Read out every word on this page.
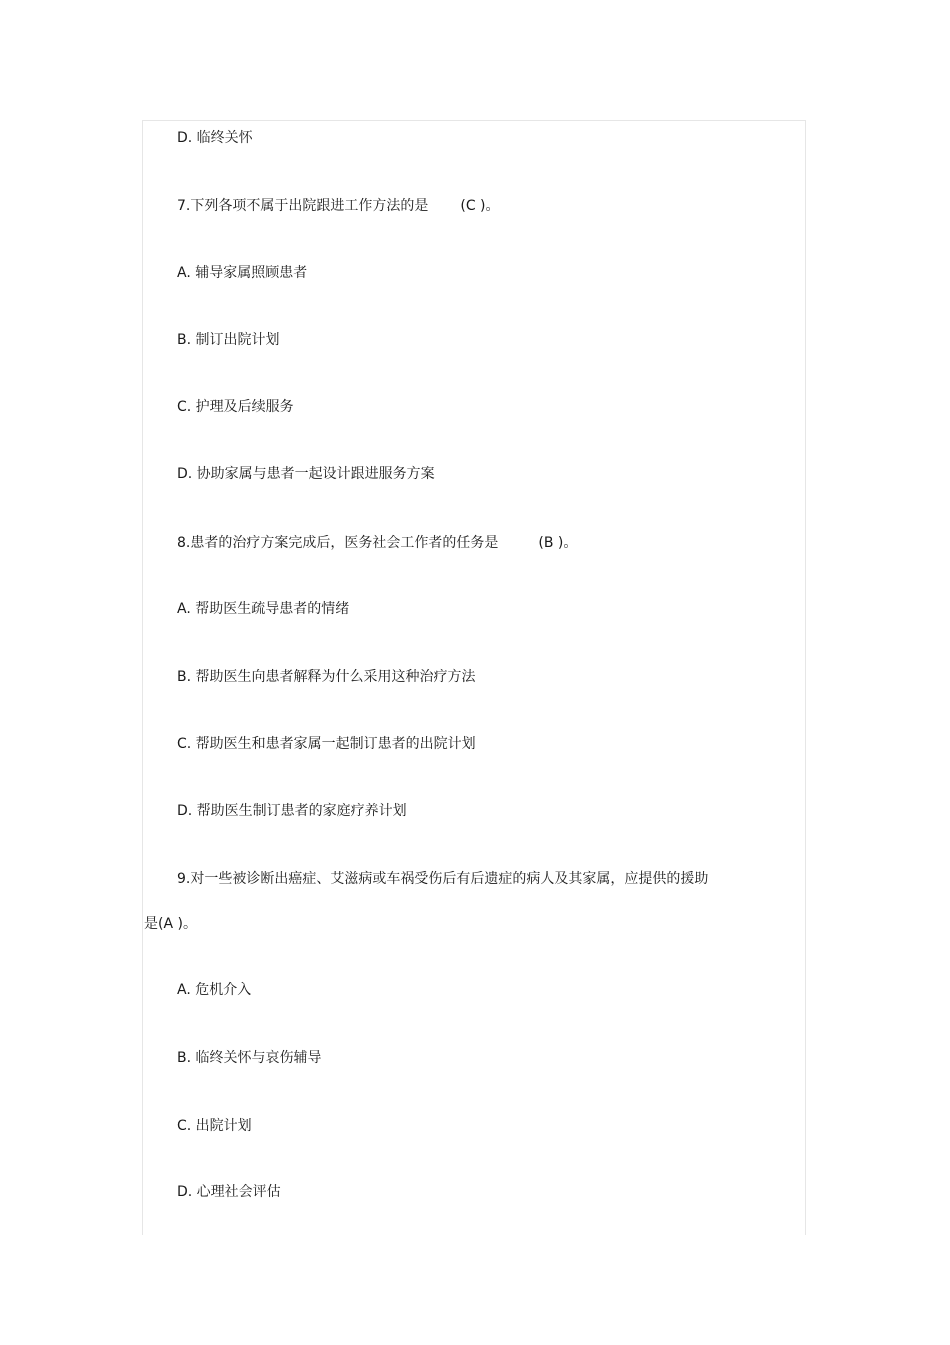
D. 临终关怀
7.下列各项不属于出院跟进工作方法的是 (C )。
A. 辅导家属照顾患者
B. 制订出院计划
C. 护理及后续服务
D. 协助家属与患者一起设计跟进服务方案
8.患者的治疗方案完成后，医务社会工作者的任务是	(B )。
A. 帮助医生疏导患者的情绪
B. 帮助医生向患者解释为什么采用这种治疗方法
C. 帮助医生和患者家属一起制订患者的出院计划
D. 帮助医生制订患者的家庭疗养计划
9.对一些被诊断出癌症、艾滋病或车祸受伤后有后遗症的病人及其家属，应提供的援助
是(A )。
A. 危机介入
B. 临终关怀与哀伤辅导
C. 出院计划
D. 心理社会评估
